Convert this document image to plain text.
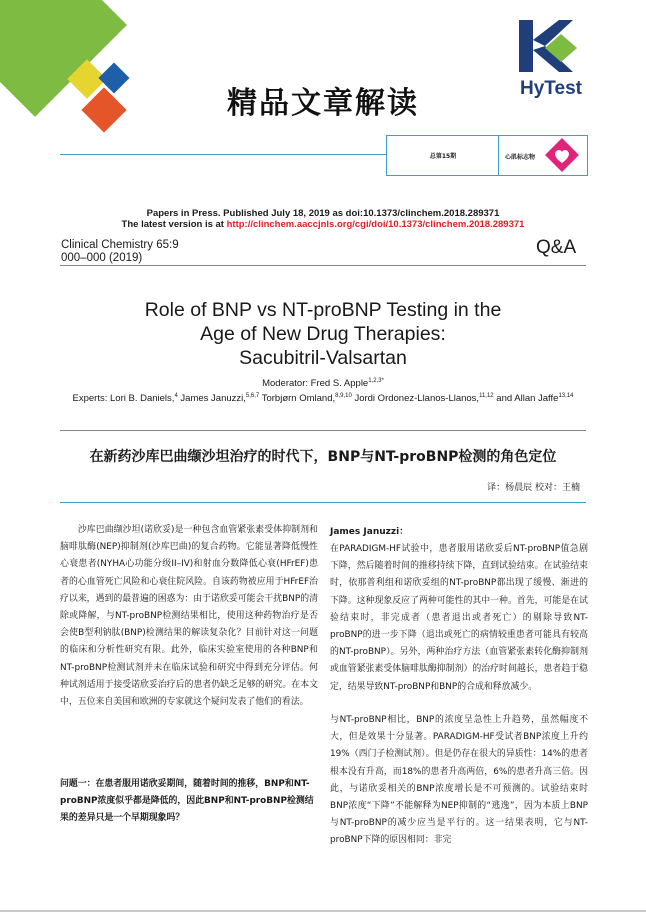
精品文章解读	HyTest
总第15期	心肌标志物
Papers in Press. Published July 18, 2019 as doi:10.1373/clinchem.2018.289371
The latest version is at http://clinchem.aaccjnls.org/cgi/doi/10.1373/clinchem.2018.289371
Clinical Chemistry 65:9
000–000 (2019)	Q&A
Role of BNP vs NT-proBNP Testing in the
Age of New Drug Therapies:
Sacubitril-Valsartan
Moderator: Fred S. Apple$^{1,2,3*}$
Experts: Lori B. Daniels,$^4$ James Januzzi,$^{5,6,7}$ Torbjørn Omland,$^{8,9,10}$ Jordi Ordonez-Llanos-Llanos,$^{11,12}$ and Allan Jaffe$^{13,14}$
在新药沙库巴曲缬沙坦治疗的时代下，BNP与NT-proBNP检测的角色定位
译：杨晨辰 校对：王楠
沙库巴曲缬沙坦(诺欣妥)是一种包含血管紧张素受体抑制剂和脑啡肽酶(NEP)抑制剂(沙库巴曲)的复合药物。它能显著降低慢性心衰患者(NYHA心功能分级II–IV)和射血分数降低心衰(HFrEF)患者的心血管死亡风险和心衰住院风险。自该药物被应用于HFrEF治疗以来，遇到的最普遍的困惑为：由于诺欣妥可能会干扰BNP的清除或降解，与NT-proBNP检测结果相比，使用这种药物治疗是否会使B型利钠肽(BNP)检测结果的解读复杂化？目前针对这一问题的临床和分析性研究有限。此外，临床实验室使用的各种BNP和NT-proBNP检测试剂并未在临床试验和研究中得到充分评估。何种试剂适用于接受诺欣妥治疗后的患者仍缺乏足够的研究。在本文中，五位来自美国和欧洲的专家就这个疑问发表了他们的看法。
问题一：在患者服用诺欣妥期间，随着时间的推移，BNP和NT-proBNP浓度似乎都是降低的，因此BNP和NT-proBNP检测结果的差异只是一个早期现象吗？
James Januzzi：
在PARADIGM-HF试验中，患者服用诺欣妥后NT-proBNP值急剧下降，然后随着时间的推移持续下降，直到试验结束。在试验结束时，依那普利组和诺欣妥组的NT-proBNP都出现了缓慢、渐进的下降。这种现象反应了两种可能性的其中一种。首先，可能是在试验结束时，非完成者（患者退出或者死亡）的剔除导致NT-proBNP的进一步下降（退出或死亡的病情较重患者可能具有较高的NT-proBNP）。另外，两种治疗方法（血管紧张素转化酶抑制剂或血管紧张素受体脑啡肽酶抑制剂）的治疗时间越长，患者趋于稳定，结果导致NT-proBNP和BNP的合成和释放减少。
与NT-proBNP相比，BNP的浓度呈急性上升趋势，虽然幅度不大，但是效果十分显著。PARADIGM-HF受试者BNP浓度上升约19%（西门子检测试剂）。但是仍存在很大的异质性：14%的患者根本没有升高，而18%的患者升高两倍，6%的患者升高三倍。因此，与诺欣妥相关的BNP浓度增长是不可预测的。试验结束时BNP浓度“下降”不能解释为NEP抑制的“逃逸”，因为本质上BNP与NT-proBNP的减少应当是平行的。这一结果表明，它与NT-proBNP下降的原因相同：非完
